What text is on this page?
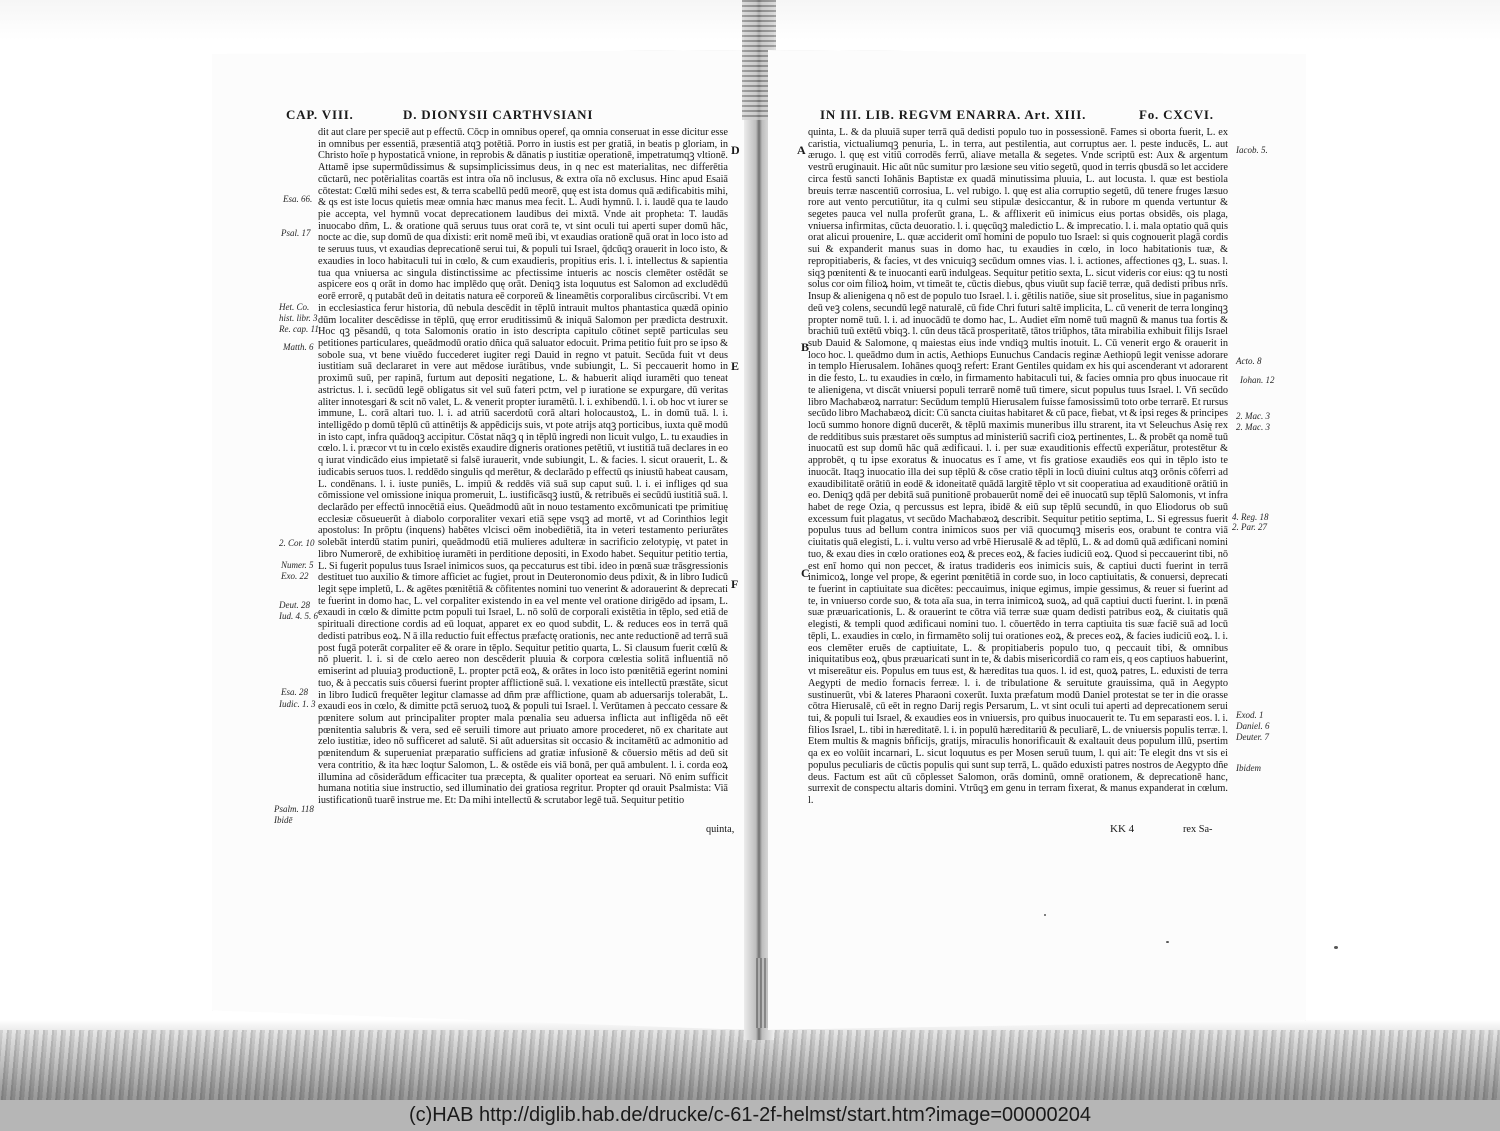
CAP. VIII.	D. DIONYSII CARTHVSIANI

dit aut clare per speciē aut p effectū. Cōcp in omnibus operef, qa omnia conseruat in esse dicitur esse in omnibus per essentiā, præsentiā atqꝫ potētiā. Porro in iustis est per gratiā, in beatis p gloriam, in Christo hoīe p hypostaticā vnione, in reprobis & dānatis p iustitiæ operationē, impetratumqꝫ vltionē. Attamē ipse supermūdissimus & supsimplicissimus deus, in q nec est materialitas, nec differētia cūctarū, nec potērialitas coartās est intra oīa nō inclusus, & extra oīa nō exclusus. Hinc apud Esaiā cōtestat: Cœlū mihi sedes est, & terra scabellū pedū meorē, quę est ista domus quā ædificabitis mihi, & qs est iste locus quietis meæ omnia hæc manus mea fecit. L. Audi hymnū. l. i. laudē qua te laudo pie accepta, vel hymnū vocat deprecationem laudibus dei mixtā. Vnde ait propheta: T. laudās inuocabo dñm, L. & oratione quā seruus tuus orat corā te, vt sint oculi tui aperti super domū hāc, nocte ac die, sup domū de qua dixisti: erit nomē meū ibi, vt exaudias orationē quā orat in loco isto ad te seruus tuus, vt exaudias deprecationē serui tui, & populi tui Israel, q̄dcūqꝫ orauerit in loco isto, & exaudies in loco habitaculi tui in cœlo, & cum exaudieris, propitius eris. l. i. intellectus & sapientia tua qua vniuersa ac singula distinctissime ac pfectissime intueris ac noscis clemēter ostēdāt se aspicere eos q orāt in domo hac implēdo quę orāt. Deniqꝫ ista loquutus est Salomon ad excludēdū eorē errorē, q putabāt deū in deitatis natura eē corporeū & lineamētis corporalibus circūscribi. Vt em in ecclesiastica ferur historia, dū nebula descēdit in tēplū intrauit multos phantastica quædā opinio dūm localiter descēdisse in tēplū, quę error eruditissimū & iniquā Salomon per prædicta destruxit. Hoc qꝫ pēsandū, q tota Salomonis oratio in isto descripta capitulo cōtinet septē particulas seu petitiones particulares, queādmodū oratio dñica quā saluator edocuit. Prima petitio fuit pro se ipso & sobole sua, vt bene viuēdo fuccederet iugiter regi Dauid in regno vt patuit. Secūda fuit vt deus iustitiam suā declararet in vere aut mēdose iurātibus, vnde subiungit, L. Si peccauerit homo in proximū suū, per rapinā, furtum aut depositi negatione, L. & habuerit aliqd iuramēti quo teneat astrictus. l. i. secūdū legē obligatus sit vel suū fateri pctm, vel p iuratione se expurgare, dū veritas aliter innotesgari & scit nō valet, L. & venerit propter iuramētū. l. i. exhibendū. l. i. ob hoc vt iurer se immune, L. corā altari tuo. l. i. ad atriū sacerdotū corā altari holocaustoꝝ, L. in domū tuā. l. i. intelligēdo p domū tēplū cū attinētijs & appēdicijs suis, vt pote atrijs atqꝫ porticibus, iuxta quē modū in isto capt, infra quādoqꝫ accipitur. Cōstat nāqꝫ q in tēplū ingredi non licuit vulgo, L. tu exaudies in cœlo. l. i. præcor vt tu in cœlo existēs exaudire digneris orationes petētiū, vt iustitiā tuā declares in eo q iurat vindicādo eius impietatē si falsē iurauerit, vnde subiungit, L. & facies. l. sicut orauerit, L. & iudicabis seruos tuos. l. reddēdo singulis qd merētur, & declarādo p effectū qs iniustū habeat causam, L. condēnans. l. i. iuste puniēs, L. impiū & reddēs viā suā sup caput suū. l. i. ei infliges qd sua cōmissione vel omissione iniqua promeruit, L. iustificāsqꝫ iustū, & retribuēs ei secūdū iustitiā suā. l. declarādo per effectū innocētiā eius. Queādmodū aūt in nouo testamento excōmunicati tpe primitiuę ecclesiæ cōsueuerūt à diabolo corporaliter vexari etiā sępe vsqꝫ ad mortē, vt ad Corinthios legit apostolus: In prōptu (inquens) habētes vlcisci oēm inobediētiā, ita in veteri testamento periurātes solebāt interdū statim puniri, queādmodū etiā mulieres adulteræ in sacrificio zelotypię, vt patet in libro Numerorē, de exhibitioę iuramēti in perditione depositi, in Exodo habet. Sequitur petitio tertia, L. Si fugerit populus tuus Israel inimicos suos, qa peccaturus est tibi. ideo in pœnā suæ trāsgressionis destituet tuo auxilio & timore afficiet ac fugiet, prout in Deuteronomio deus pdixit, & in libro Iudicū legit sępe impletū, L. & agētes pœnitētiā & cōfitentes nomini tuo venerint & adorauerint & deprecati te fuerint in domo hac, L. vel corpaliter existendo in ea vel mente vel oratione dirigēdo ad ipsam, L. exaudi in cœlo & dimitte pctm populi tui Israel, L. nō solū de corporali existētia in tēplo, sed etiā de spirituali directione cordis ad eū loquat, apparet ex eo quod subdit, L. & reduces eos in terrā quā dedisti patribus eoꝝ. N ā illa reductio fuit effectus præfactę orationis, nec ante reductionē ad terrā suā post fugā poterāt corpaliter eē & orare in tēplo. Sequitur petitio quarta, L. Si clausum fuerit cœlū & nō pluerit. l. i. si de cœlo aereo non descēderit pluuia & corpora cœlestia solitā influentiā nō emiserint ad pluuiaꝫ productionē, L. propter pctā eoꝝ, & orātes in loco isto pœnitētiā egerint nomini tuo, & à peccatis suis cōuersi fuerint propter afflictionē suā. l. vexatione eis intellectū præstāte, sicut in libro Iudicū frequēter legitur clamasse ad dñm præ afflictione, quam ab aduersarijs tolerabāt, L. exaudi eos in cœlo, & dimitte pctā seruoꝝ tuoꝝ & populi tui Israel. l. Verūtamen à peccato cessare & pœnitere solum aut principaliter propter mala pœnalia seu aduersa inflicta aut infligēda nō eēt pœnitentia salubris & vera, sed eē seruili timore aut priuato amore procederet, nō ex charitate aut zelo iustitiæ, ideo nō sufficeret ad salutē. Si aūt aduersitas sit occasio & incitamētū ac admonitio ad pœnitendum & superueniat præparatio sufficiens ad gratiæ infusionē & cōuersio mētis ad deū sit vera contritio, & ita hæc loqtur Salomon, L. & ostēde eis viā bonā, per quā ambulent. l. i. corda eoꝝ illumina ad cōsiderādum efficaciter tua præcepta, & qualiter oporteat ea seruari. Nō enim sufficit humana notitia siue instructio, sed illuminatio dei gratiosa regritur. Propter qd orauit Psalmista: Viā iustificationū tuarē instrue me. Et: Da mihi intellectū & scrutabor legē tuā. Sequitur petitio

quinta,
Esa. 66.
Psal. 17
Het. Co.
hist. libr. 3
Re. cap. 11
Matth. 6
2. Cor. 10
Numer. 5
Exo. 22
Deut. 28
Iud. 4. 5. 6
Esa. 28
Iudic. 1. 3
Psalm. 118
Ibidē
D
E
F
IN III. LIB. REGVM ENARRA. Art. XIII.	Fo. CXCVI.

quinta, L. & da pluuiā super terrā quā dedisti populo tuo in possessionē. Fames si oborta fuerit, L. ex caristia, victualiumqꝫ penuria, L. in terra, aut pestilentia, aut corruptus aer. l. peste inducēs, L. aut ærugo. l. quę est vitiū corrodēs ferrū, aliave metalla & segetes. Vnde scriptū est: Aux & argentum vestrū eruginauit. Hic aūt nūc sumitur pro læsione seu vitio segetū, quod in terris qbusdā so let accidere circa festū sancti Iohānis Baptistæ ex quadā minutissima pluuia, L. aut locusta. l. quæ est bestiola breuis terræ nascentiū corrosiua, L. vel rubigo. l. quę est alia corruptio segetū, dū tenere fruges læsuo rore aut vento percutiūtur, ita q culmi seu stipulæ desiccantur, & in rubore m quenda vertuntur & segetes pauca vel nulla proferūt grana, L. & afflixerit eū inimicus eius portas obsidēs, ois plaga, vniuersa infirmitas, cūcta deuoratio. l. i. quęcūqꝫ maledictio L. & imprecatio. l. i. mala optatio quā quis orat alicui prouenire, L. quæ acciderit omī homini de populo tuo Israel: si quis cognouerit plagā cordis sui & expanderit manus suas in domo hac, tu exaudies in cœlo, in loco habitationis tuæ, & repropitiaberis, & facies, vt des vnicuiqꝫ secūdum omnes vias. l. i. actiones, affectiones qꝫ, L. suas. l. siqꝫ pœnitenti & te inuocanti earū indulgeas. Sequitur petitio sexta, L. sicut videris cor eius: qꝫ tu nosti solus cor oim filioꝝ hoim, vt timeāt te, cūctis diebus, qbus viuūt sup faciē terræ, quā dedisti pribus nrīs. Insup & alienigena q nō est de populo tuo Israel. l. i. gētilis natiōe, siue sit proselitus, siue in paganismo deū veꝫ colens, secundū legē naturalē, cū fide Chri futuri saltē implicita, L. cū venerit de terra longinqꝫ propter nomē tuū. l. i. ad inuocādū te domo hac, L. Audiet eīm nomē tuū magnū & manus tua fortis & brachiū tuū extētū vbiqꝫ. l. cūn deus tācā prosperitatē, tātos triūphos, tāta mirabilia exhibuit filijs Israel sub Dauid & Salomone, q maiestas eius inde vndiqꝫ multis inotuit. L. Cū venerit ergo & orauerit in loco hoc. l. queādmo dum in actis, Aethiops Eunuchus Candacis reginæ Aethiopū legit venisse adorare in templo Hierusalem. Iohānes quoqꝫ refert: Erant Gentiles quidam ex his qui ascenderant vt adorarent in die festo, L. tu exaudies in cœlo, in firmamento habitaculi tui, & facies omnia pro qbus inuocaue rit te alienigena, vt discāt vniuersi populi terrarē nomē tuū timere, sicut populus tuus Israel. l. Vñ secūdo libro Machabæoꝝ narratur: Secūdum templū Hierusalem fuisse famosissimū toto orbe terrarē. Et rursus secūdo libro Machabæoꝝ dicit: Cū sancta ciuitas habitaret & cū pace, fiebat, vt & ipsi reges & principes locū summo honore dignū ducerēt, & tēplū maximis muneribus illu strarent, ita vt Seleuchus Asię rex de redditibus suis præstaret oēs sumptus ad ministeriū sacrifi cioꝝ pertinentes, L. & probēt qa nomē tuū inuocatū est sup domū hāc quā ædificaui. l. i. per suæ exauditionis effectū experiātur, protestētur & approbēt, q tu ipse exoratus & inuocatus es ī ame, vt fis gratiose exaudiēs eos qui in tēplo isto te inuocāt. Itaqꝫ inuocatio illa dei sup tēplū & cōse cratio tēpli in locū diuini cultus atqꝫ orōnis cōferri ad exaudibilitatē orātiū in eodē & idoneitatē quādā largitē tēplo vt sit cooperatiua ad exauditionē orātiū in eo. Deniqꝫ qdā per debitā suā punitionē probauerūt nomē dei eē inuocatū sup tēplū Salomonis, vt infra habet de rege Ozia, q percussus est lepra, ibidē & eiū sup tēplū secundū, in quo Eliodorus ob suū excessum fuit plagatus, vt secūdo Machabæoꝝ describit. Sequitur petitio septima, L. Si egressus fuerit populus tuus ad bellum contra inimicos suos per viā quocumqꝫ miseris eos, orabunt te contra viā ciuitatis quā elegisti, L. i. vultu verso ad vrbē Hierusalē & ad tēplū, L. & ad domū quā ædificani nomini tuo, & exau dies in cœlo orationes eoꝝ & preces eoꝝ, & facies iudiciū eoꝝ. Quod si peccauerint tibi, nō est enī homo qui non peccet, & iratus tradideris eos inimicis suis, & captiui ducti fuerint in terrā inimicoꝝ, longe vel prope, & egerint pœnitētiā in corde suo, in loco captiuitatis, & conuersi, deprecati te fuerint in captiuitate sua dicētes: peccauimus, inique egimus, impie gessimus, & reuer si fuerint ad te, in vniuerso corde suo, & tota aīa sua, in terra inimicoꝝ suoꝝ, ad quā captiui ducti fuerint. l. in pœnā suæ præuaricationis, L. & orauerint te cōtra viā terræ suæ quam dedisti patribus eoꝝ, & ciuitatis quā elegisti, & templi quod ædificaui nomini tuo. l. cōuertēdo in terra captiuita tis suæ faciē suā ad locū tēpli, L. exaudies in cœlo, in firmamēto solij tui orationes eoꝝ, & preces eoꝝ, & facies iudiciū eoꝝ. l. i. eos clemēter eruēs de captiuitate, L. & propitiaberis populo tuo, q peccauit tibi, & omnibus iniquitatibus eoꝝ, qbus præuaricati sunt in te, & dabis misericordiā co ram eis, q eos captiuos habuerint, vt misereātur eis. Populus em tuus est, & hæreditas tua quos. l. id est, quoꝝ patres, L. eduxisti de terra Aegypti de medio fornacis ferreæ. l. i. de tribulatione & seruitute grauissima, quā in Aegypto sustinuerūt, vbi & lateres Pharaoni coxerūt. Iuxta præfatum modū Daniel protestat se ter in die orasse cōtra Hierusalē, cū eēt in regno Darij regis Persarum, L. vt sint oculi tui aperti ad deprecationem serui tui, & populi tui Israel, & exaudies eos in vniuersis, pro quibus inuocauerit te. Tu em separasti eos. l. i. filios Israel, L. tibi in hæreditatē. l. i. in populū hæreditariū & peculiarē, L. de vniuersis populis terræ. l. Etem multis & magnis bñficijs, gratijs, miraculis honorificauit & exaltauit deus populum illū, psertim qa ex eo volūit incarnari, L. sicut loquutus es per Mosen seruū tuum, l. qui ait: Te elegit dns vt sis ei populus peculiaris de cūctis populis qui sunt sup terrā, L. quādo eduxisti patres nostros de Aegypto dñe deus. Factum est aūt cū cōplesset Salomon, orās dominū, omnē orationem, & deprecationē hanc, surrexit de conspectu altaris domini. Vtrūqꝫ em genu in terram fixerat, & manus expanderat in cœlum. l.

KK 4	rex Sa-
A
B
C
Iacob. 5.
Acto. 8
Iohan. 12
2. Mac. 3
2. Mac. 3
4. Reg. 18
2. Par. 27
Exod. 1
Daniel. 6
Deuter. 7
Ibidem
(c)HAB http://diglib.hab.de/drucke/c-61-2f-helmst/start.htm?image=00000204
